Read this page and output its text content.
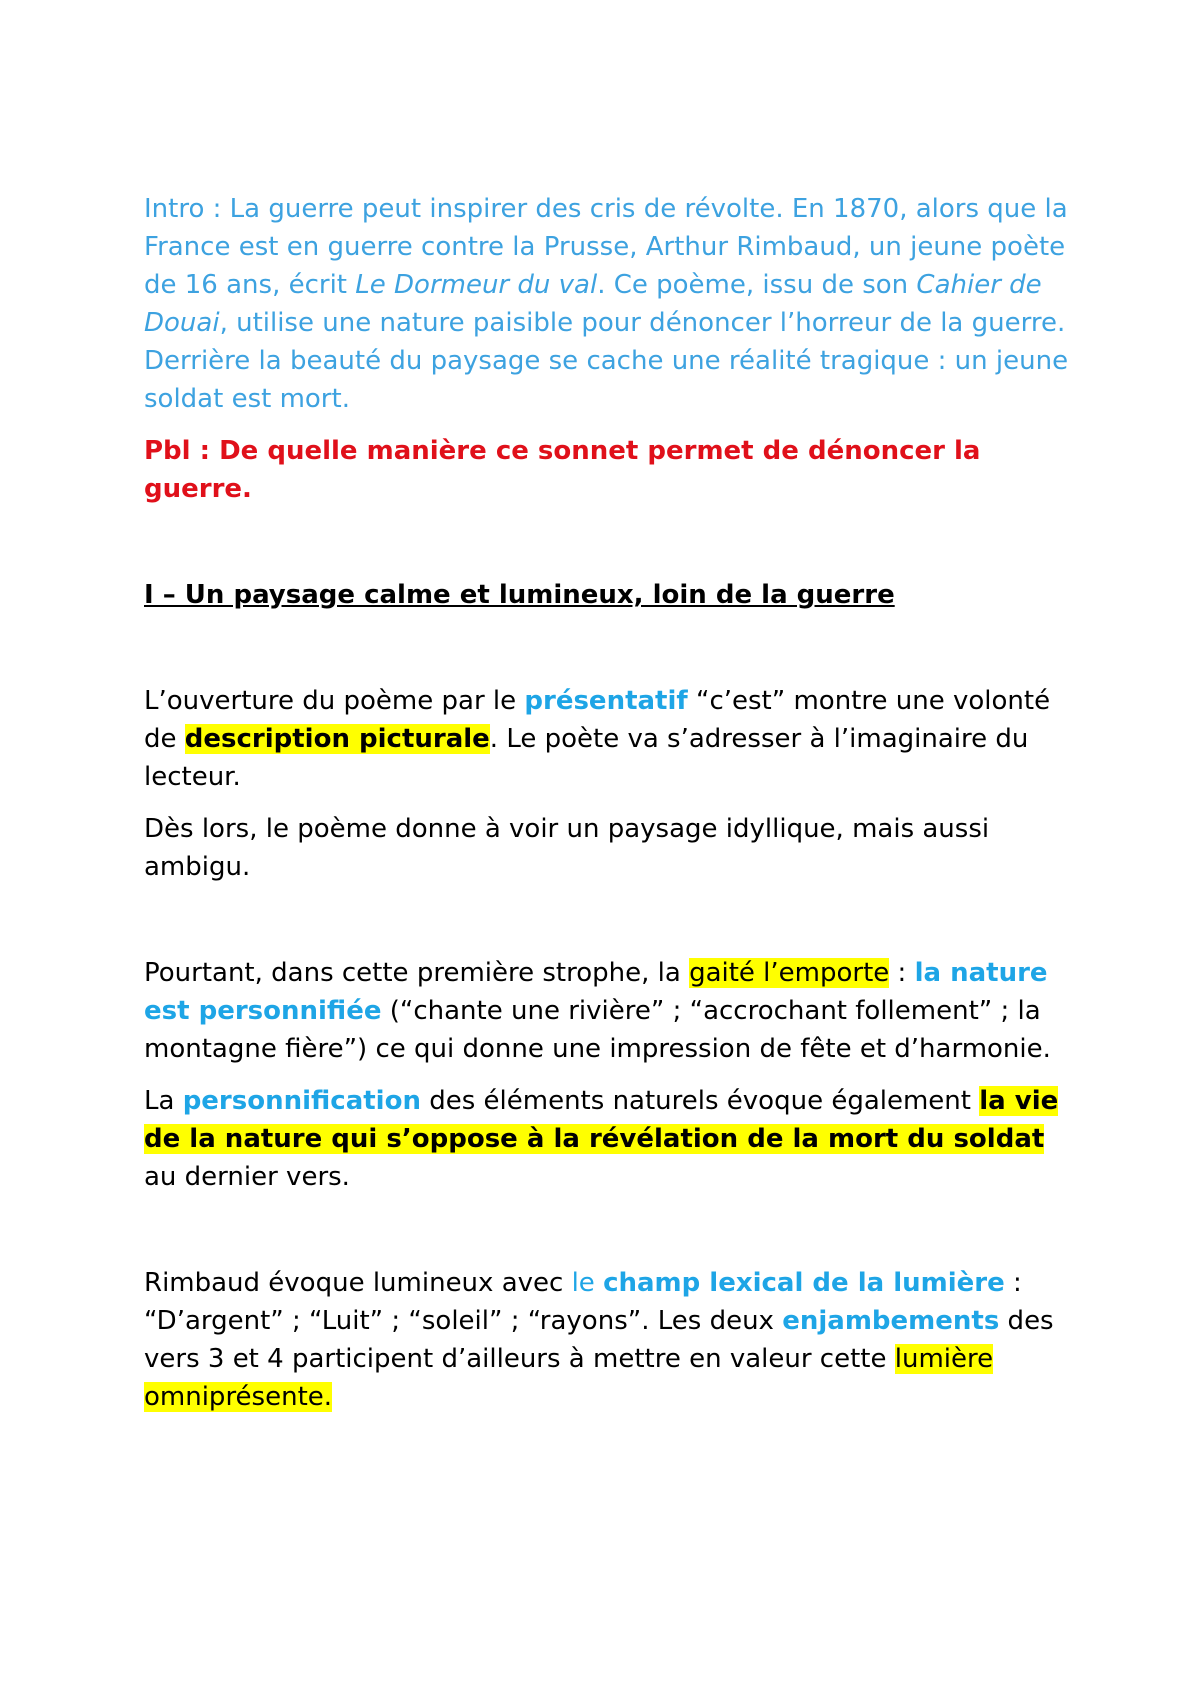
Intro : La guerre peut inspirer des cris de révolte. En 1870, alors que la France est en guerre contre la Prusse, Arthur Rimbaud, un jeune poète de 16 ans, écrit Le Dormeur du val. Ce poème, issu de son Cahier de Douai, utilise une nature paisible pour dénoncer l’horreur de la guerre. Derrière la beauté du paysage se cache une réalité tragique : un jeune soldat est mort.

Pbl : De quelle manière ce sonnet permet de dénoncer la guerre.

I – Un paysage calme et lumineux, loin de la guerre

L’ouverture du poème par le présentatif “c’est” montre une volonté de description picturale. Le poète va s’adresser à l’imaginaire du lecteur.

Dès lors, le poème donne à voir un paysage idyllique, mais aussi ambigu.

Pourtant, dans cette première strophe, la gaité l’emporte : la nature est personnifiée (“chante une rivière” ; “accrochant follement” ; la montagne fière”) ce qui donne une impression de fête et d’harmonie.

La personnification des éléments naturels évoque également la vie de la nature qui s’oppose à la révélation de la mort du soldat au dernier vers.

Rimbaud évoque lumineux avec le champ lexical de la lumière : “D’argent” ; “Luit” ; “soleil” ; “rayons”. Les deux enjambements des vers 3 et 4 participent d’ailleurs à mettre en valeur cette lumière omniprésente.
